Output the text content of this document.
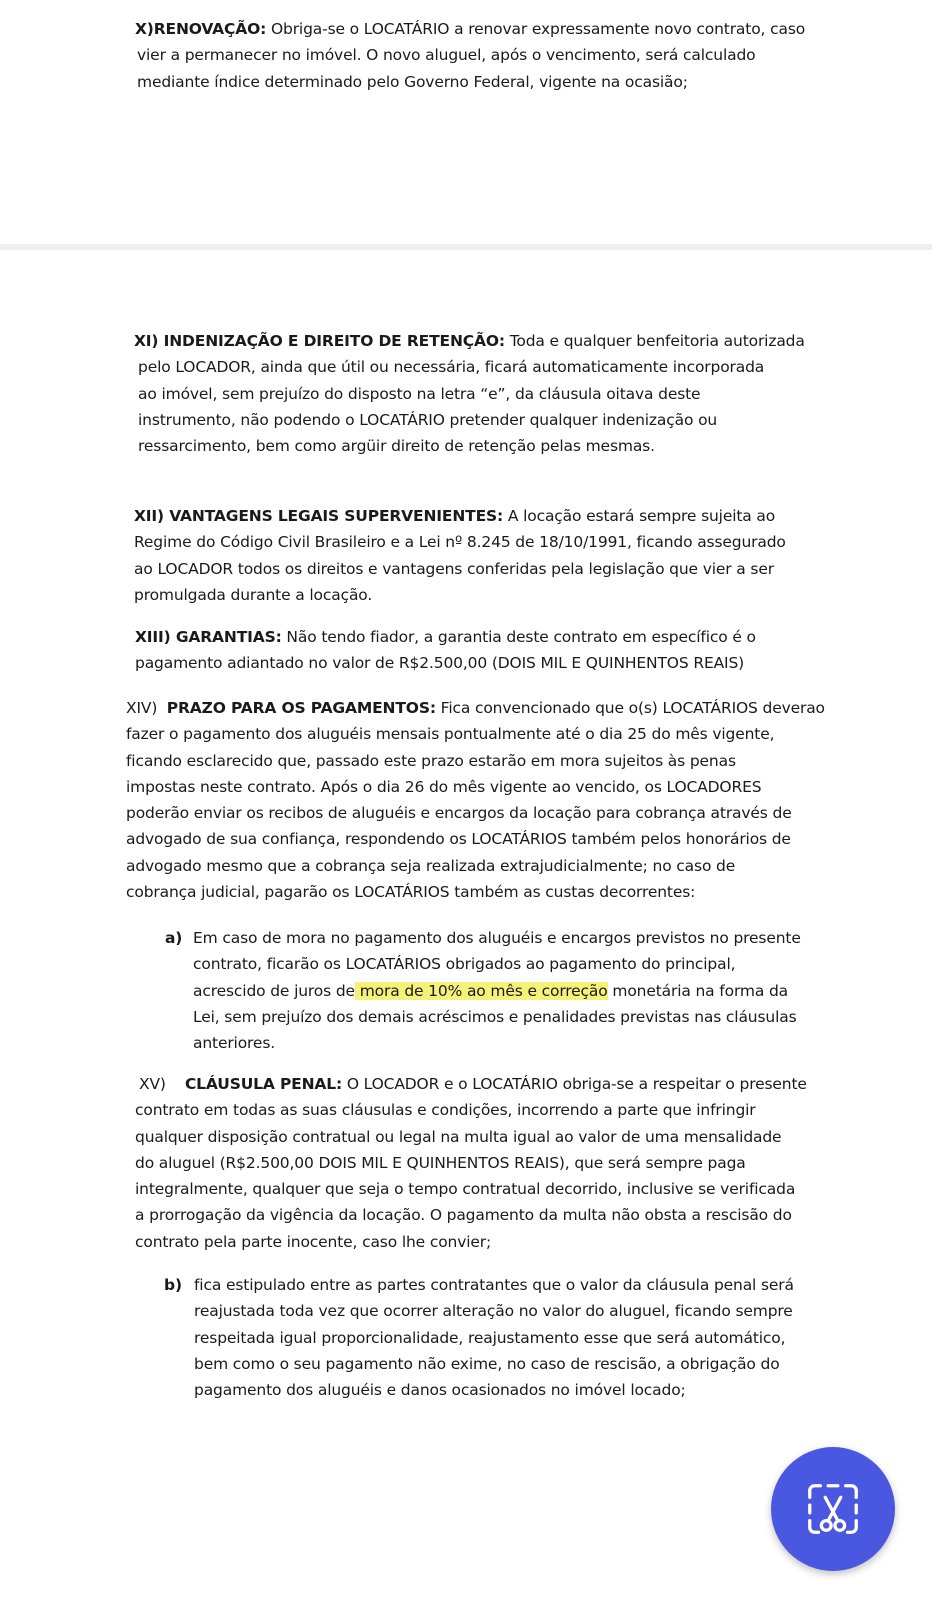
X)RENOVAÇÃO: Obriga-se o LOCATÁRIO a renovar expressamente novo contrato, caso
vier a permanecer no imóvel. O novo aluguel, após o vencimento, será calculado
mediante índice determinado pelo Governo Federal, vigente na ocasião;

XI) INDENIZAÇÃO E DIREITO DE RETENÇÃO: Toda e qualquer benfeitoria autorizada
pelo LOCADOR, ainda que útil ou necessária, ficará automaticamente incorporada
ao imóvel, sem prejuízo do disposto na letra “e”, da cláusula oitava deste
instrumento, não podendo o LOCATÁRIO pretender qualquer indenização ou
ressarcimento, bem como argüir direito de retenção pelas mesmas.

XII) VANTAGENS LEGAIS SUPERVENIENTES: A locação estará sempre sujeita ao
Regime do Código Civil Brasileiro e a Lei nº 8.245 de 18/10/1991, ficando assegurado
ao LOCADOR todos os direitos e vantagens conferidas pela legislação que vier a ser
promulgada durante a locação.

XIII) GARANTIAS: Não tendo fiador, a garantia deste contrato em específico é o
pagamento adiantado no valor de R$2.500,00 (DOIS MIL E QUINHENTOS REAIS)

XIV)  PRAZO PARA OS PAGAMENTOS: Fica convencionado que o(s) LOCATÁRIOS deverao
fazer o pagamento dos aluguéis mensais pontualmente até o dia 25 do mês vigente,
ficando esclarecido que, passado este prazo estarão em mora sujeitos às penas
impostas neste contrato. Após o dia 26 do mês vigente ao vencido, os LOCADORES
poderão enviar os recibos de aluguéis e encargos da locação para cobrança através de
advogado de sua confiança, respondendo os LOCATÁRIOS também pelos honorários de
advogado mesmo que a cobrança seja realizada extrajudicialmente; no caso de
cobrança judicial, pagarão os LOCATÁRIOS também as custas decorrentes:

a) Em caso de mora no pagamento dos aluguéis e encargos previstos no presente
contrato, ficarão os LOCATÁRIOS obrigados ao pagamento do principal,
acrescido de juros de mora de 10% ao mês e correção monetária na forma da
Lei, sem prejuízo dos demais acréscimos e penalidades previstas nas cláusulas
anteriores.

XV)    CLÁUSULA PENAL: O LOCADOR e o LOCATÁRIO obriga-se a respeitar o presente
contrato em todas as suas cláusulas e condições, incorrendo a parte que infringir
qualquer disposição contratual ou legal na multa igual ao valor de uma mensalidade
do aluguel (R$2.500,00 DOIS MIL E QUINHENTOS REAIS), que será sempre paga
integralmente, qualquer que seja o tempo contratual decorrido, inclusive se verificada
a prorrogação da vigência da locação. O pagamento da multa não obsta a rescisão do
contrato pela parte inocente, caso lhe convier;

b) fica estipulado entre as partes contratantes que o valor da cláusula penal será
reajustada toda vez que ocorrer alteração no valor do aluguel, ficando sempre
respeitada igual proporcionalidade, reajustamento esse que será automático,
bem como o seu pagamento não exime, no caso de rescisão, a obrigação do
pagamento dos aluguéis e danos ocasionados no imóvel locado;
